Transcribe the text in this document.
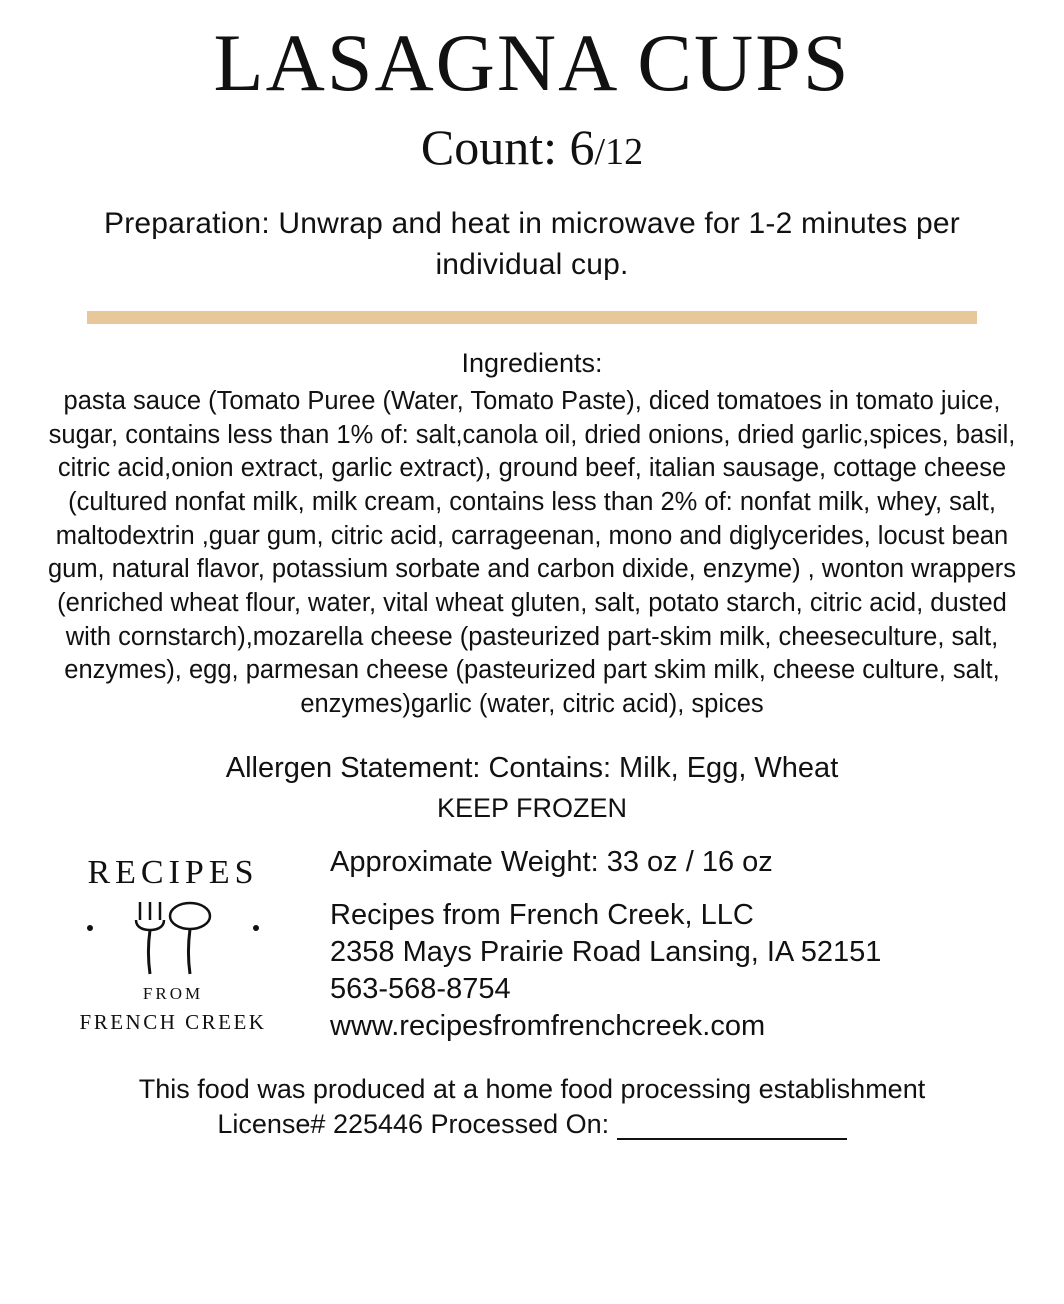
LASAGNA CUPS
Count: 6/12
Preparation: Unwrap and heat in microwave for 1-2 minutes per individual cup.
Ingredients:
pasta sauce (Tomato Puree (Water, Tomato Paste), diced tomatoes in tomato juice, sugar, contains less than 1% of: salt,canola oil, dried onions, dried garlic,spices, basil, citric acid,onion extract, garlic extract), ground beef, italian sausage, cottage cheese (cultured nonfat milk, milk cream, contains less than 2% of: nonfat milk, whey, salt, maltodextrin ,guar gum, citric acid, carrageenan, mono and diglycerides, locust bean gum, natural flavor, potassium sorbate and carbon dixide, enzyme) , wonton wrappers (enriched wheat flour, water, vital wheat gluten, salt, potato starch, citric acid, dusted with cornstarch),mozarella cheese (pasteurized part-skim milk, cheeseculture, salt, enzymes), egg, parmesan cheese (pasteurized part skim milk, cheese culture, salt, enzymes)garlic (water, citric acid), spices
Allergen Statement: Contains: Milk, Egg, Wheat
KEEP FROZEN
RECIPES
FROM
FRENCH CREEK
Approximate Weight: 33 oz / 16 oz
Recipes from French Creek, LLC
2358 Mays Prairie Road Lansing, IA 52151
563-568-8754
www.recipesfromfrenchcreek.com
This food was produced at a home food processing establishment
License# 225446 Processed On:
